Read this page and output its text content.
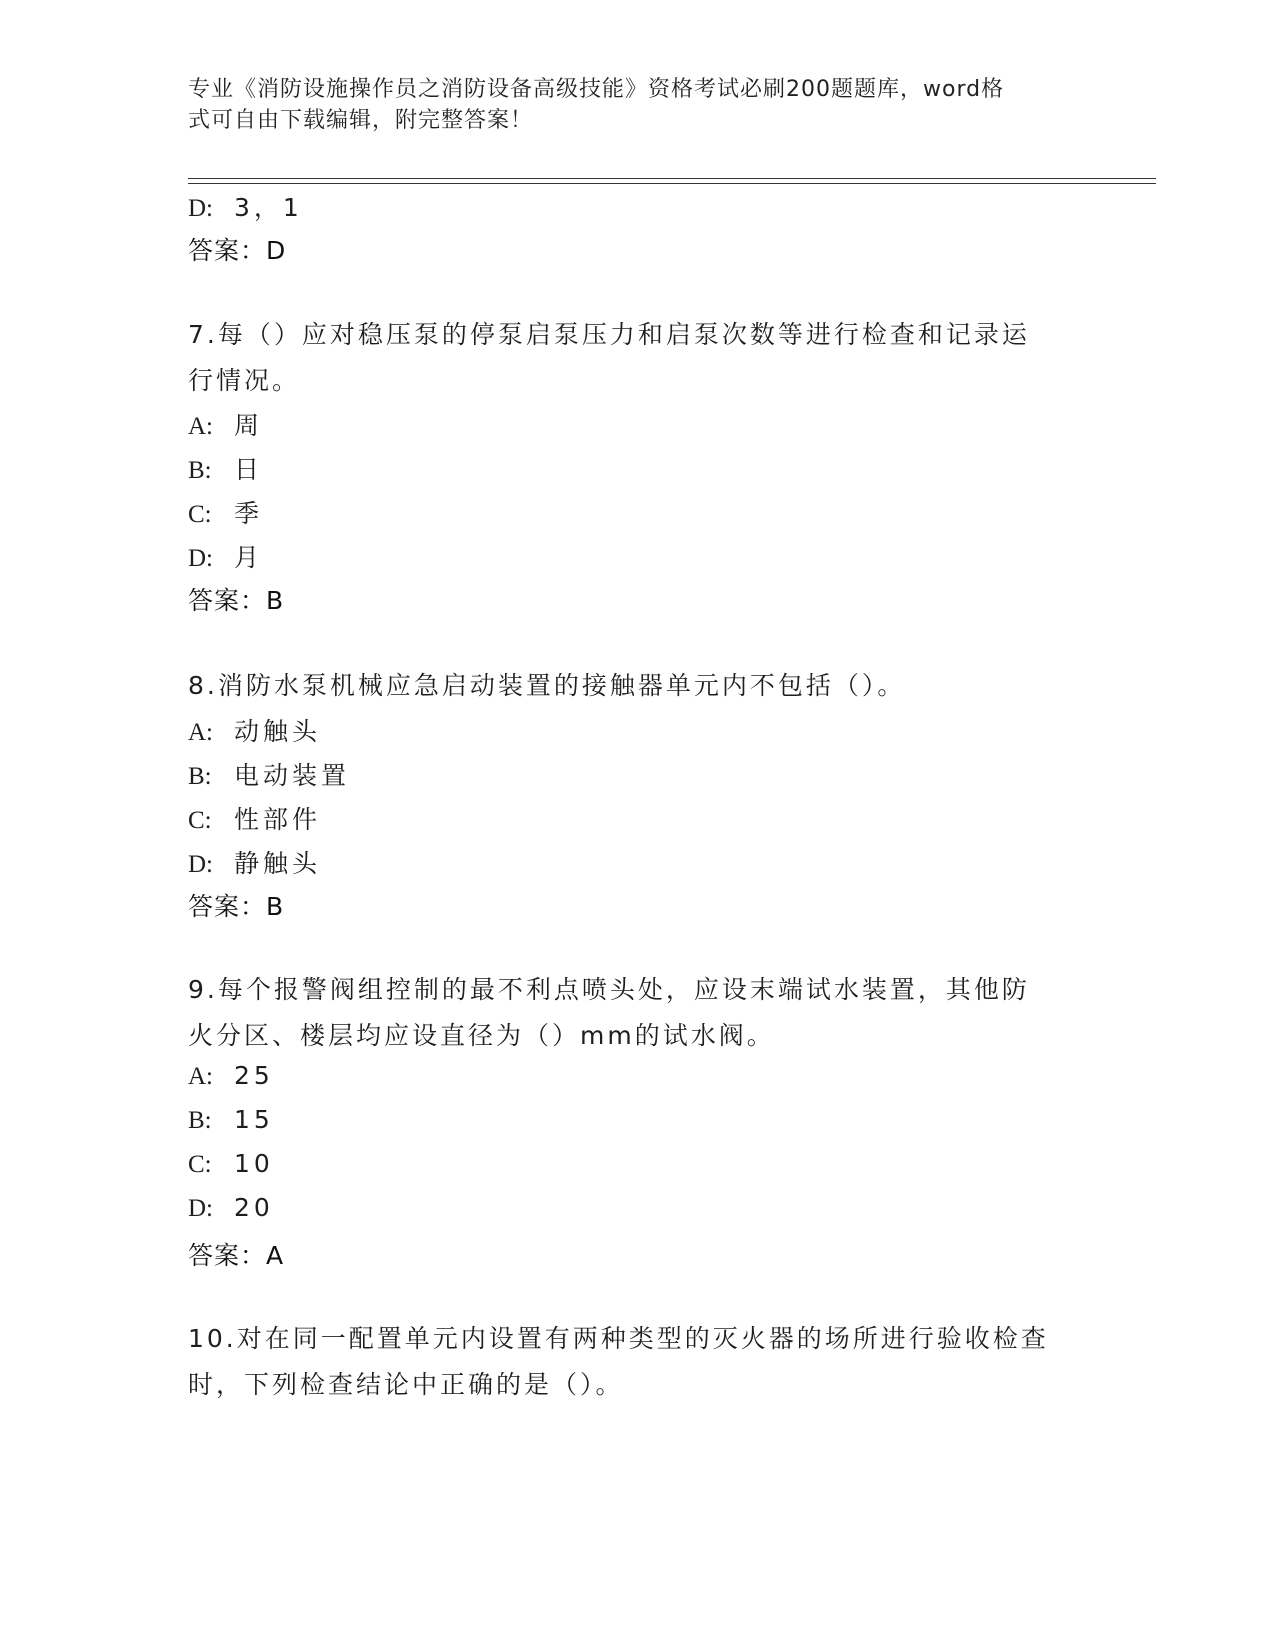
专业《消防设施操作员之消防设备高级技能》资格考试必刷200题题库，word格
式可自由下载编辑，附完整答案！
D: 3，1
答案：D
7.每（）应对稳压泵的停泵启泵压力和启泵次数等进行检查和记录运
行情况。
A: 周
B: 日
C: 季
D: 月
答案：B
8.消防水泵机械应急启动装置的接触器单元内不包括（）。
A: 动触头
B: 电动装置
C: 性部件
D: 静触头
答案：B
9.每个报警阀组控制的最不利点喷头处，应设末端试水装置，其他防
火分区、楼层均应设直径为（）mm的试水阀。
A: 25
B: 15
C: 10
D: 20
答案：A
10.对在同一配置单元内设置有两种类型的灭火器的场所进行验收检查
时，下列检查结论中正确的是（）。
